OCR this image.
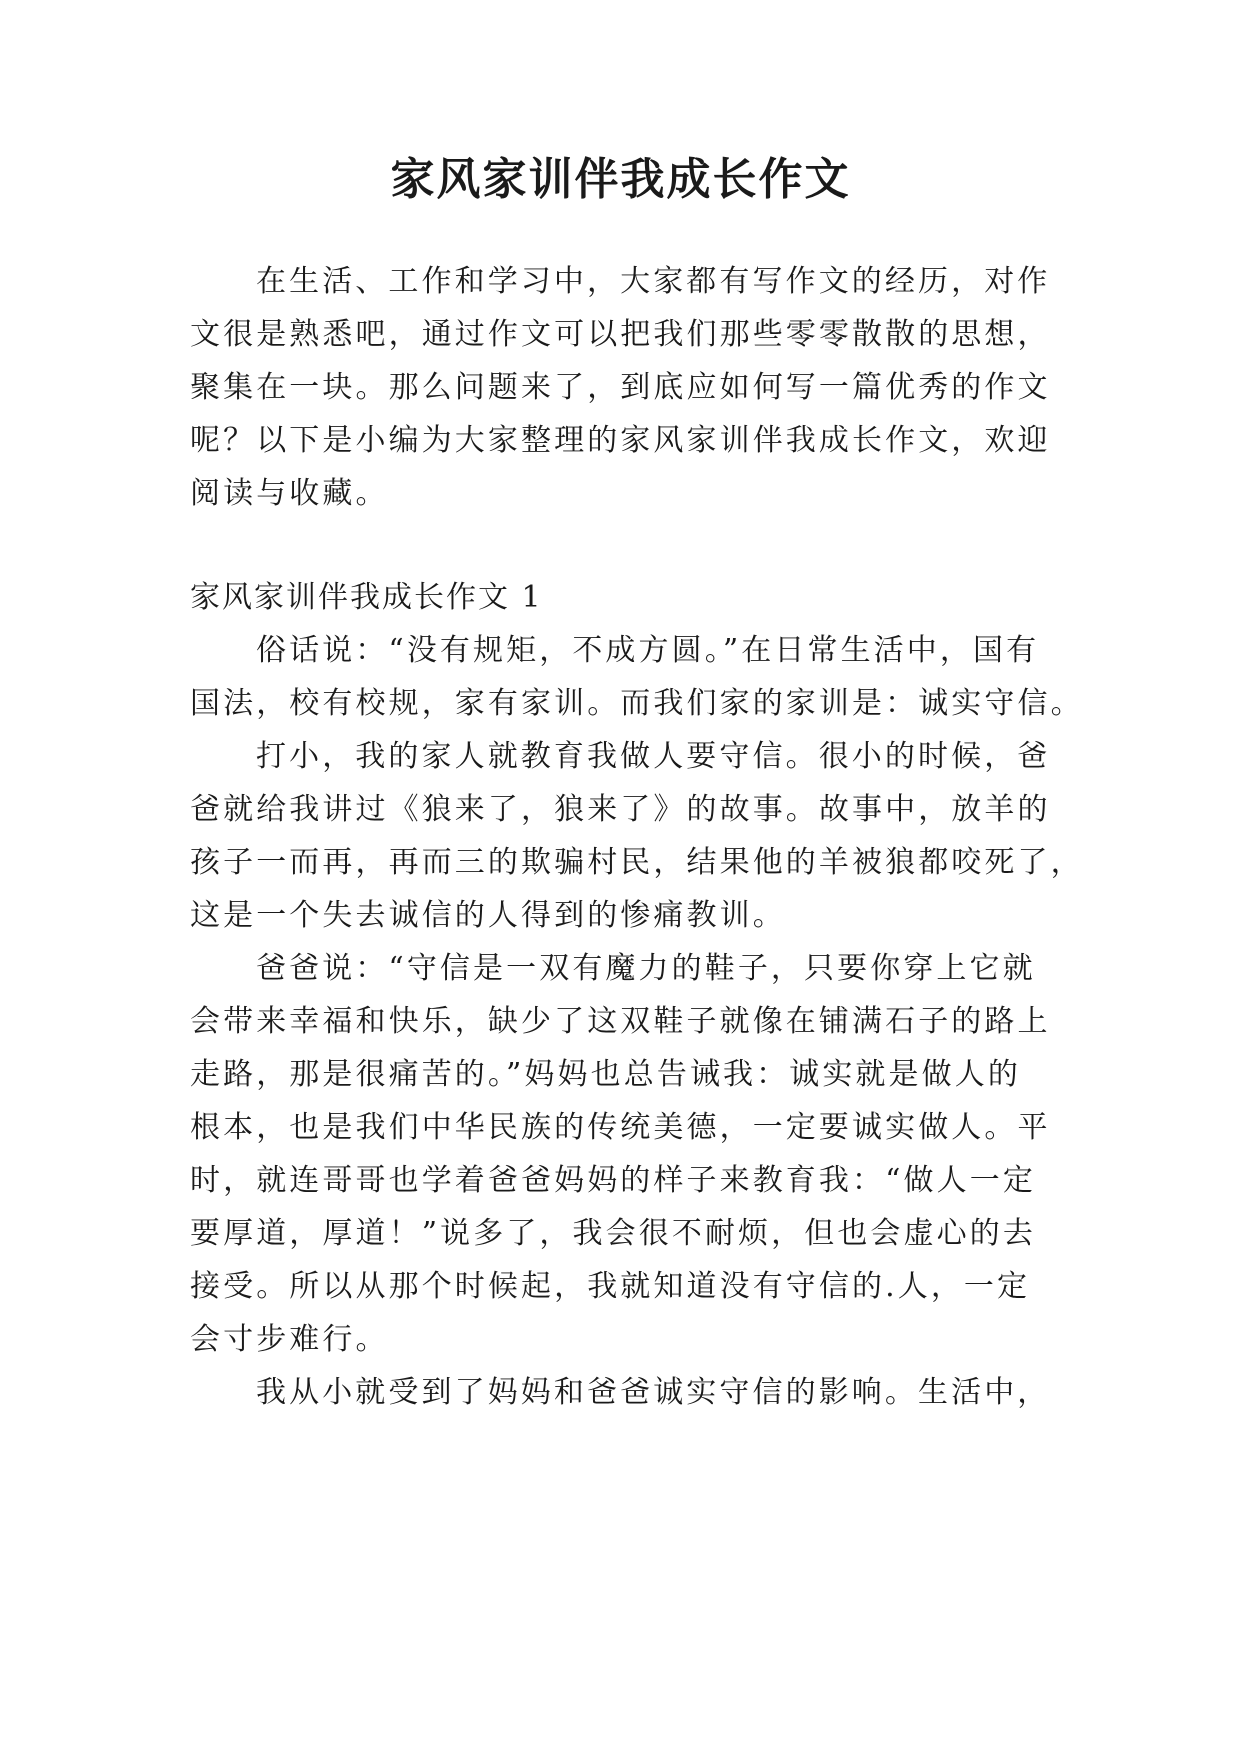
家风家训伴我成长作文
在生活、工作和学习中，大家都有写作文的经历，对作
文很是熟悉吧，通过作文可以把我们那些零零散散的思想，
聚集在一块。那么问题来了，到底应如何写一篇优秀的作文
呢？以下是小编为大家整理的家风家训伴我成长作文，欢迎
阅读与收藏。
家风家训伴我成长作文 1
俗话说：“没有规矩，不成方圆。”在日常生活中，国有
国法，校有校规，家有家训。而我们家的家训是：诚实守信。
打小，我的家人就教育我做人要守信。很小的时候，爸
爸就给我讲过《狼来了，狼来了》的故事。故事中，放羊的
孩子一而再，再而三的欺骗村民，结果他的羊被狼都咬死了，
这是一个失去诚信的人得到的惨痛教训。
爸爸说：“守信是一双有魔力的鞋子，只要你穿上它就
会带来幸福和快乐，缺少了这双鞋子就像在铺满石子的路上
走路，那是很痛苦的。”妈妈也总告诫我：诚实就是做人的
根本，也是我们中华民族的传统美德，一定要诚实做人。平
时，就连哥哥也学着爸爸妈妈的样子来教育我：“做人一定
要厚道，厚道！”说多了，我会很不耐烦，但也会虚心的去
接受。所以从那个时候起，我就知道没有守信的.人，一定
会寸步难行。
我从小就受到了妈妈和爸爸诚实守信的影响。生活中，
